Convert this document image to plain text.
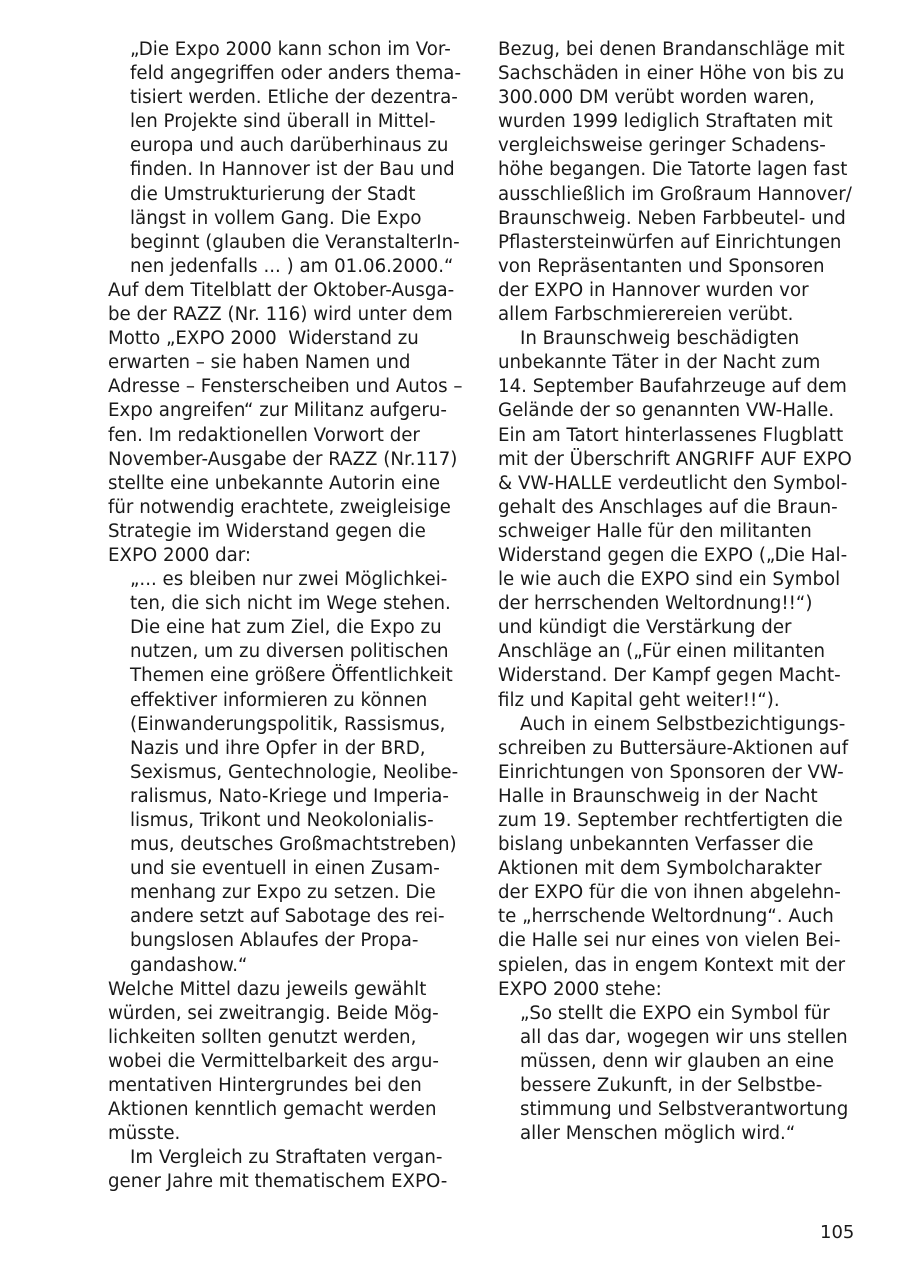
„Die Expo 2000 kann schon im Vor-
feld angegriffen oder anders thema-
tisiert werden. Etliche der dezentra-
len Projekte sind überall in Mittel-
europa und auch darüberhinaus zu
finden. In Hannover ist der Bau und
die Umstrukturierung der Stadt
längst in vollem Gang. Die Expo
beginnt (glauben die VeranstalterIn-
nen jedenfalls ... ) am 01.06.2000.“
Auf dem Titelblatt der Oktober-Ausga-
be der RAZZ (Nr. 116) wird unter dem
Motto „EXPO 2000  Widerstand zu
erwarten – sie haben Namen und
Adresse – Fensterscheiben und Autos –
Expo angreifen“ zur Militanz aufgeru-
fen. Im redaktionellen Vorwort der
November-Ausgabe der RAZZ (Nr.117)
stellte eine unbekannte Autorin eine
für notwendig erachtete, zweigleisige
Strategie im Widerstand gegen die
EXPO 2000 dar:
„... es bleiben nur zwei Möglichkei-
ten, die sich nicht im Wege stehen.
Die eine hat zum Ziel, die Expo zu
nutzen, um zu diversen politischen
Themen eine größere Öffentlichkeit
effektiver informieren zu können
(Einwanderungspolitik, Rassismus,
Nazis und ihre Opfer in der BRD,
Sexismus, Gentechnologie, Neolibe-
ralismus, Nato-Kriege und Imperia-
lismus, Trikont und Neokolonialis-
mus, deutsches Großmachtstreben)
und sie eventuell in einen Zusam-
menhang zur Expo zu setzen. Die
andere setzt auf Sabotage des rei-
bungslosen Ablaufes der Propa-
gandashow.“
Welche Mittel dazu jeweils gewählt
würden, sei zweitrangig. Beide Mög-
lichkeiten sollten genutzt werden,
wobei die Vermittelbarkeit des argu-
mentativen Hintergrundes bei den
Aktionen kenntlich gemacht werden
müsste.
Im Vergleich zu Straftaten vergan-
gener Jahre mit thematischem EXPO-
Bezug, bei denen Brandanschläge mit
Sachschäden in einer Höhe von bis zu
300.000 DM verübt worden waren,
wurden 1999 lediglich Straftaten mit
vergleichsweise geringer Schadens-
höhe begangen. Die Tatorte lagen fast
ausschließlich im Großraum Hannover/
Braunschweig. Neben Farbbeutel- und
Pflastersteinwürfen auf Einrichtungen
von Repräsentanten und Sponsoren
der EXPO in Hannover wurden vor
allem Farbschmierereien verübt.
In Braunschweig beschädigten
unbekannte Täter in der Nacht zum
14. September Baufahrzeuge auf dem
Gelände der so genannten VW-Halle.
Ein am Tatort hinterlassenes Flugblatt
mit der Überschrift ANGRIFF AUF EXPO
& VW-HALLE verdeutlicht den Symbol-
gehalt des Anschlages auf die Braun-
schweiger Halle für den militanten
Widerstand gegen die EXPO („Die Hal-
le wie auch die EXPO sind ein Symbol
der herrschenden Weltordnung!!“)
und kündigt die Verstärkung der
Anschläge an („Für einen militanten
Widerstand. Der Kampf gegen Macht-
filz und Kapital geht weiter!!“).
Auch in einem Selbstbezichtigungs-
schreiben zu Buttersäure-Aktionen auf
Einrichtungen von Sponsoren der VW-
Halle in Braunschweig in der Nacht
zum 19. September rechtfertigten die
bislang unbekannten Verfasser die
Aktionen mit dem Symbolcharakter
der EXPO für die von ihnen abgelehn-
te „herrschende Weltordnung“. Auch
die Halle sei nur eines von vielen Bei-
spielen, das in engem Kontext mit der
EXPO 2000 stehe:
„So stellt die EXPO ein Symbol für
all das dar, wogegen wir uns stellen
müssen, denn wir glauben an eine
bessere Zukunft, in der Selbstbe-
stimmung und Selbstverantwortung
aller Menschen möglich wird.“
105
